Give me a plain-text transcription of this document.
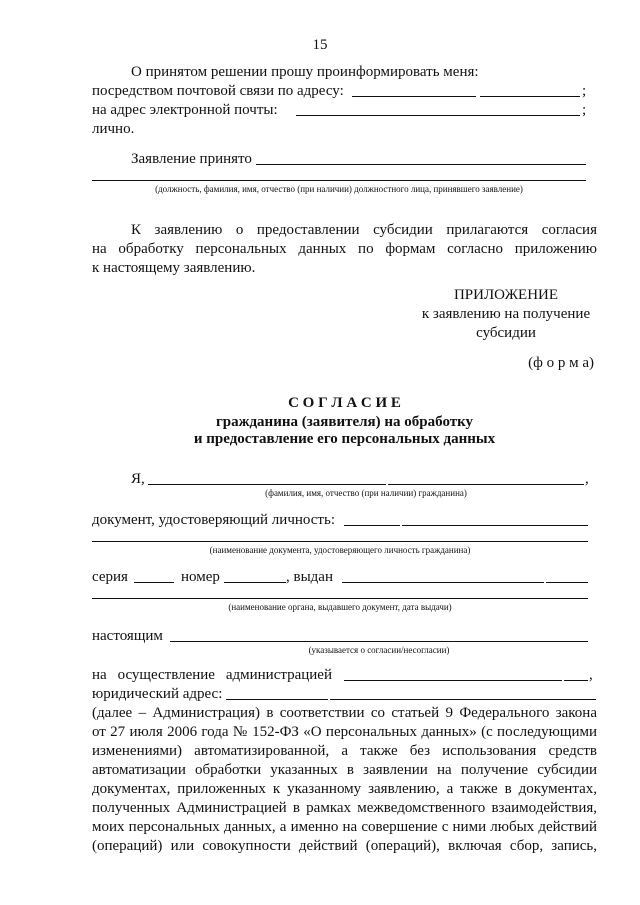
15
О принятом решении прошу проинформировать меня:
посредством почтовой связи по адресу:	;
на адрес электронной почты:	;
лично.
Заявление принято
(должность, фамилия, имя, отчество (при наличии) должностного лица, принявшего заявление)
К заявлению о предоставлении субсидии прилагаются согласия
на обработку персональных данных по формам согласно приложению
к настоящему заявлению.
ПРИЛОЖЕНИЕ
к заявлению на получение
субсидии
(ф о р м а)
С О Г Л А С И Е
гражданина (заявителя) на обработку
и предоставление его персональных данных
Я,	,
(фамилия, имя, отчество (при наличии) гражданина)
документ, удостоверяющий личность:
(наименование документа, удостоверяющего личность гражданина)
серия	номер	, выдан
(наименование органа, выдавшего документ, дата выдачи)
настоящим
(указывается о согласии/несогласии)
на осуществление администрацией	,
юридический адрес:
(далее – Администрация) в соответствии со статьей 9 Федерального закона
от 27 июля 2006 года № 152-ФЗ «О персональных данных» (с последующими
изменениями) автоматизированной, а также без использования средств
автоматизации обработки указанных в заявлении на получение субсидии
документах, приложенных к указанному заявлению, а также в документах,
полученных Администрацией в рамках межведомственного взаимодействия,
моих персональных данных, а именно на совершение с ними любых действий
(операций) или совокупности действий (операций), включая сбор, запись,
